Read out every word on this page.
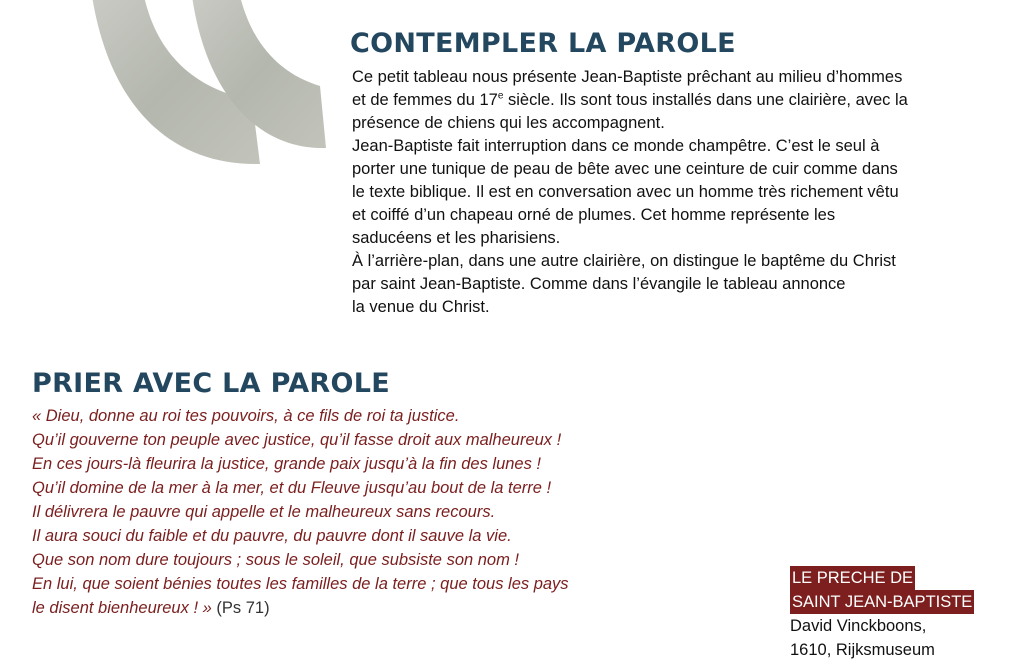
CONTEMPLER LA PAROLE

Ce petit tableau nous présente Jean-Baptiste prêchant au milieu d’hommes
et de femmes du 17e siècle. Ils sont tous installés dans une clairière, avec la
présence de chiens qui les accompagnent.
Jean-Baptiste fait interruption dans ce monde champêtre. C’est le seul à
porter une tunique de peau de bête avec une ceinture de cuir comme dans
le texte biblique. Il est en conversation avec un homme très richement vêtu
et coiffé d’un chapeau orné de plumes. Cet homme représente les
saducéens et les pharisiens.
À l’arrière-plan, dans une autre clairière, on distingue le baptême du Christ
par saint Jean-Baptiste. Comme dans l’évangile le tableau annonce
la venue du Christ.

PRIER AVEC LA PAROLE

« Dieu, donne au roi tes pouvoirs, à ce fils de roi ta justice.
Qu’il gouverne ton peuple avec justice, qu’il fasse droit aux malheureux !
En ces jours-là fleurira la justice, grande paix jusqu’à la fin des lunes !
Qu’il domine de la mer à la mer, et du Fleuve jusqu’au bout de la terre !
Il délivrera le pauvre qui appelle et le malheureux sans recours.
Il aura souci du faible et du pauvre, du pauvre dont il sauve la vie.
Que son nom dure toujours ; sous le soleil, que subsiste son nom !
En lui, que soient bénies toutes les familles de la terre ; que tous les pays
le disent bienheureux ! » (Ps 71)

LE PRECHE DE
SAINT JEAN-BAPTISTE
David Vinckboons,
1610, Rijksmuseum
